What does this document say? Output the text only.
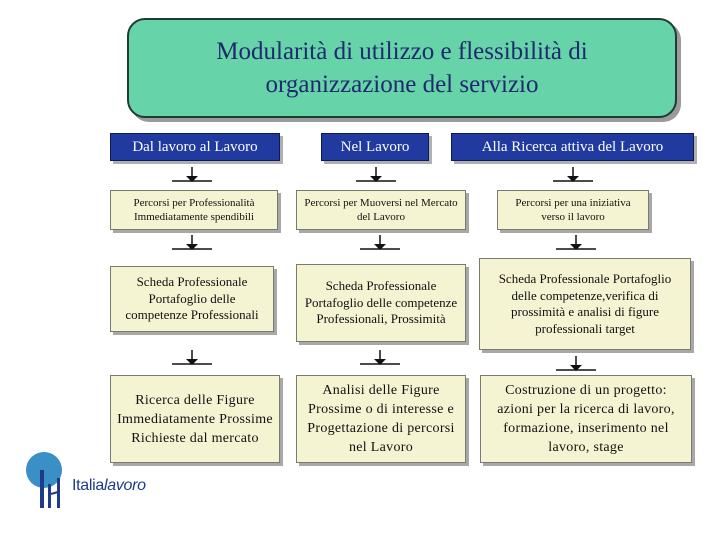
Modularità di utilizzo e flessibilità di organizzazione del servizio
Dal lavoro al Lavoro	Nel Lavoro	Alla Ricerca attiva del Lavoro
Percorsi per Professionalità Immediatamente spendibili
Percorsi per Muoversi nel Mercato del Lavoro
Percorsi per una iniziativa verso il lavoro
Scheda Professionale Portafoglio delle competenze Professionali
Scheda Professionale Portafoglio delle competenze Professionali, Prossimità
Scheda Professionale Portafoglio delle competenze,verifica di prossimità e analisi di figure professionali target
Ricerca delle Figure Immediatamente Prossime Richieste dal mercato
Analisi delle Figure Prossime o di interesse e Progettazione di percorsi nel Lavoro
Costruzione di un progetto: azioni per la ricerca di lavoro, formazione, inserimento nel lavoro, stage
Italialavoro
